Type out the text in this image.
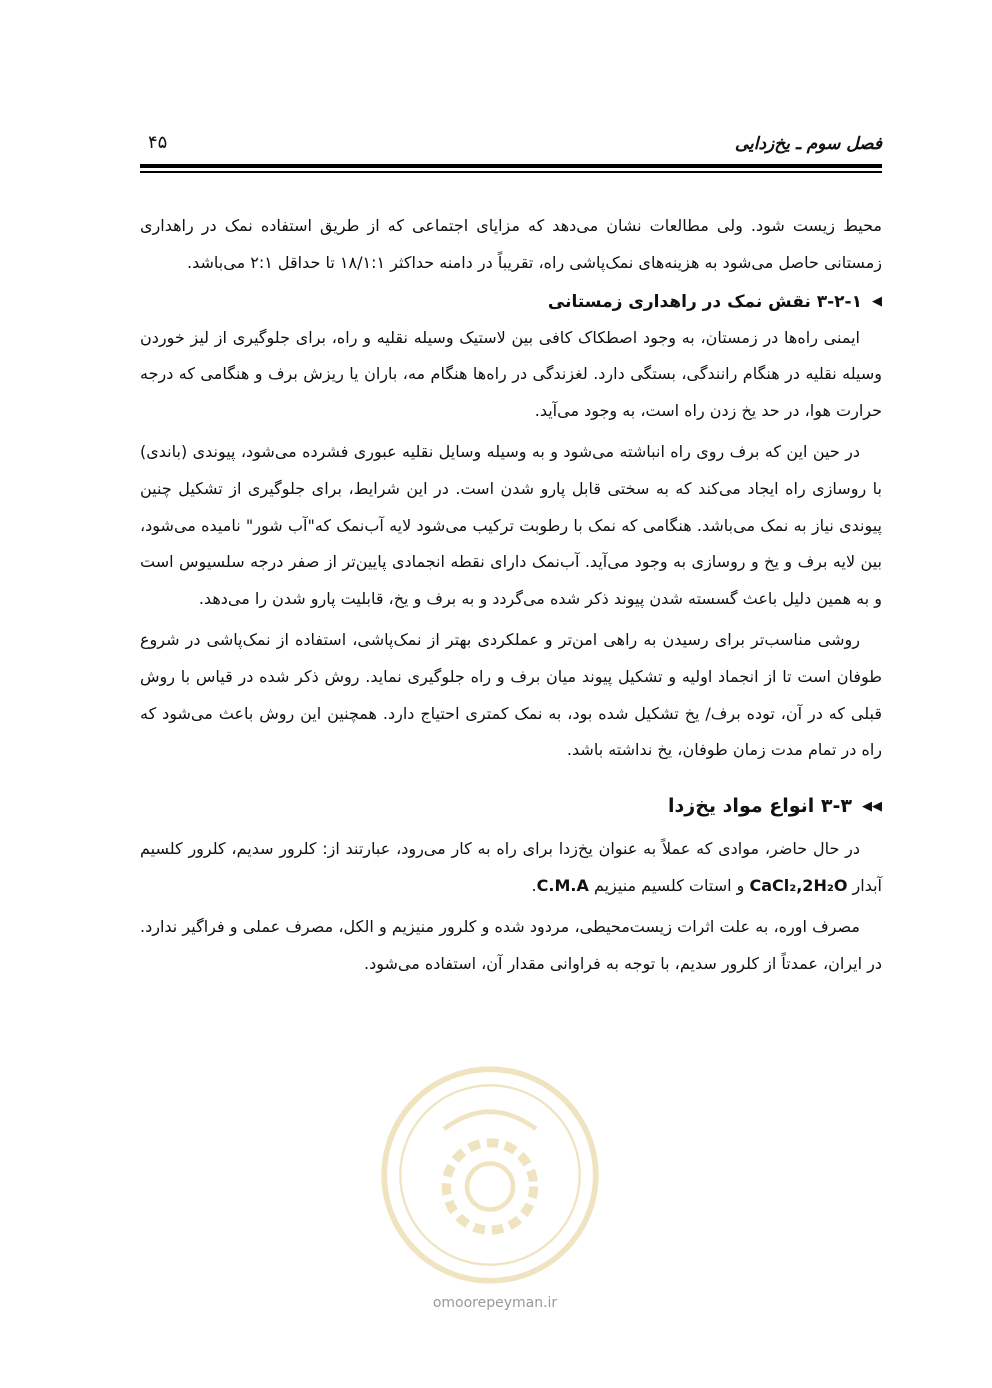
فصل سوم ـ یخ‌زدایی
۴۵

محیط زیست شود. ولی مطالعات نشان می‌دهد که مزایای اجتماعی که از طریق استفاده نمک در راهداری زمستانی حاصل می‌شود به هزینه‌های نمک‌پاشی راه، تقریباً در دامنه حداکثر ۱۸/۱:۱ تا حداقل ۲:۱ می‌باشد.

◀
۳-۲-۱ نقش نمک در راهداری زمستانی

ایمنی راه‌ها در زمستان، به وجود اصطکاک کافی بین لاستیک وسیله نقلیه و راه، برای جلوگیری از لیز خوردن وسیله نقلیه در هنگام رانندگی، بستگی دارد. لغزندگی در راه‌ها هنگام مه، باران یا ریزش برف و هنگامی که درجه حرارت هوا، در حد یخ زدن راه است، به وجود می‌آید.

در حین این که برف روی راه انباشته می‌شود و به وسیله وسایل نقلیه عبوری فشرده می‌شود، پیوندی (باندی) با روسازی راه ایجاد می‌کند که به سختی قابل پارو شدن است. در این شرایط، برای جلوگیری از تشکیل چنین پیوندی نیاز به نمک می‌باشد. هنگامی که نمک با رطوبت ترکیب می‌شود لایه آب‌نمک که"آب شور" نامیده می‌شود، بین لایه برف و یخ و روسازی به وجود می‌آید. آب‌نمک دارای نقطه انجمادی پایین‌تر از صفر درجه سلسیوس است و به همین دلیل باعث گسسته شدن پیوند ذکر شده می‌گردد و به برف و یخ، قابلیت پارو شدن را می‌دهد.

روشی مناسب‌تر برای رسیدن به راهی امن‌تر و عملکردی بهتر از نمک‌پاشی، استفاده از نمک‌پاشی در شروع طوفان است تا از انجماد اولیه و تشکیل پیوند میان برف و راه جلوگیری نماید. روش ذکر شده در قیاس با روش قبلی که در آن، توده برف/ یخ تشکیل شده بود، به نمک کمتری احتیاج دارد. همچنین این روش باعث می‌شود که راه در تمام مدت زمان طوفان، یخ نداشته باشد.

◀◀
۳-۳ انواع مواد یخ‌زدا

در حال حاضر، موادی که عملاً به عنوان یخ‌زدا برای راه به کار می‌رود، عبارتند از: کلرور سدیم، کلرور کلسیم آبدار CaCl₂,2H₂O و استات کلسیم منیزیم C.M.A.

مصرف اوره، به علت اثرات زیست‌محیطی، مردود شده و کلرور منیزیم و الکل، مصرف عملی و فراگیر ندارد. در ایران، عمدتاً از کلرور سدیم، با توجه به فراوانی مقدار آن، استفاده می‌شود.

omoorepeyman.ir
